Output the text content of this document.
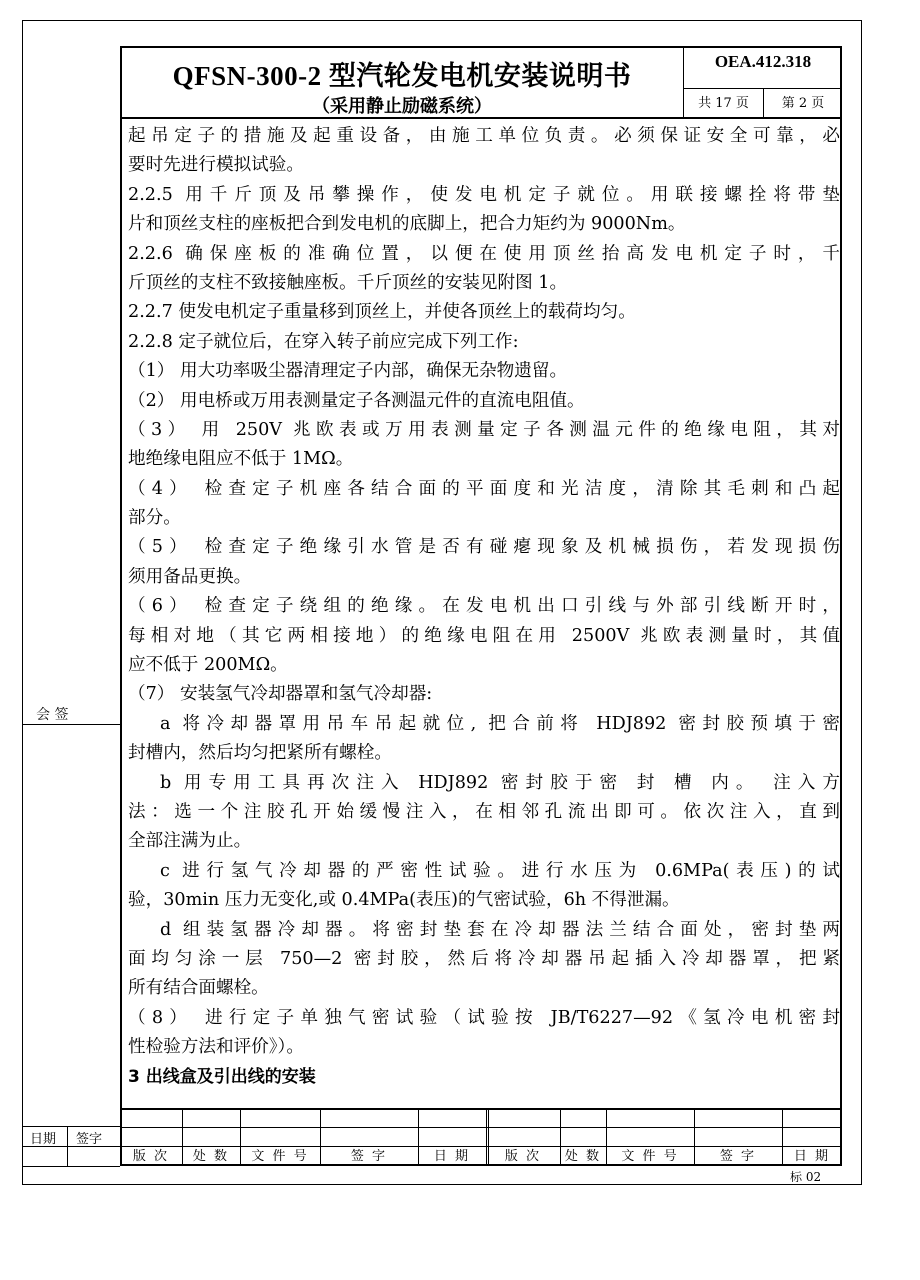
QFSN-300-2 型汽轮发电机安装说明书
（采用静止励磁系统）
OEA.412.318
共 17 页	第 2 页
起吊定子的措施及起重设备，由施工单位负责。必须保证安全可靠，必
要时先进行模拟试验。
2.2.5 用千斤顶及吊攀操作，使发电机定子就位。用联接螺拴将带垫
片和顶丝支柱的座板把合到发电机的底脚上，把合力矩约为 9000Nm。
2.2.6 确保座板的准确位置，以便在使用顶丝抬高发电机定子时，千
斤顶丝的支柱不致接触座板。千斤顶丝的安装见附图 1。
2.2.7 使发电机定子重量移到顶丝上，并使各顶丝上的载荷均匀。
2.2.8 定子就位后，在穿入转子前应完成下列工作:
（1） 用大功率吸尘器清理定子内部，确保无杂物遗留。
（2） 用电桥或万用表测量定子各测温元件的直流电阻值。
（3） 用 250V 兆欧表或万用表测量定子各测温元件的绝缘电阻，其对
地绝缘电阻应不低于 1MΩ。
（4） 检查定子机座各结合面的平面度和光洁度，清除其毛刺和凸起
部分。
（5） 检查定子绝缘引水管是否有碰瘪现象及机械损伤，若发现损伤
须用备品更换。
（6） 检查定子绕组的绝缘。在发电机出口引线与外部引线断开时，
每相对地（其它两相接地）的绝缘电阻在用 2500V 兆欧表测量时，其值
应不低于 200MΩ。
（7） 安装氢气冷却器罩和氢气冷却器:
a 将冷却器罩用吊车吊起就位, 把合前将 HDJ892 密封胶预填于密
封槽内，然后均匀把紧所有螺栓。
b 用专用工具再次注入 HDJ892 密封胶于密 封 槽 内。 注入方
法：选一个注胶孔开始缓慢注入，在相邻孔流出即可。依次注入，直到
全部注满为止。
c 进行氢气冷却器的严密性试验。进行水压为 0.6MPa(表压)的试
验，30min 压力无变化,或 0.4MPa(表压)的气密试验，6h 不得泄漏。
d 组装氢器冷却器。将密封垫套在冷却器法兰结合面处，密封垫两
面均匀涂一层 750—2 密封胶，然后将冷却器吊起插入冷却器罩，把紧
所有结合面螺栓。
（8） 进行定子单独气密试验（试验按 JB/T6227—92《氢冷电机密封
性检验方法和评价》）。
3 出线盒及引出线的安装
会 签
日期 签字
版 次	处 数	文 件 号	签 字	日 期	版 次	处 数	文 件 号	签 字	日 期
标 02
